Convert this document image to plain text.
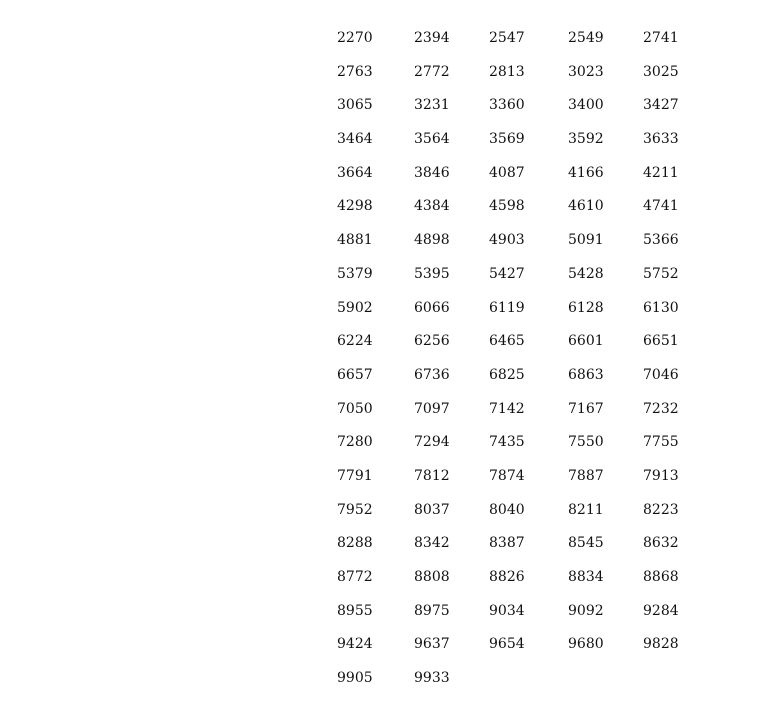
2270	2394	2547	2549	2741
2763	2772	2813	3023	3025
3065	3231	3360	3400	3427
3464	3564	3569	3592	3633
3664	3846	4087	4166	4211
4298	4384	4598	4610	4741
4881	4898	4903	5091	5366
5379	5395	5427	5428	5752
5902	6066	6119	6128	6130
6224	6256	6465	6601	6651
6657	6736	6825	6863	7046
7050	7097	7142	7167	7232
7280	7294	7435	7550	7755
7791	7812	7874	7887	7913
7952	8037	8040	8211	8223
8288	8342	8387	8545	8632
8772	8808	8826	8834	8868
8955	8975	9034	9092	9284
9424	9637	9654	9680	9828
9905	9933
